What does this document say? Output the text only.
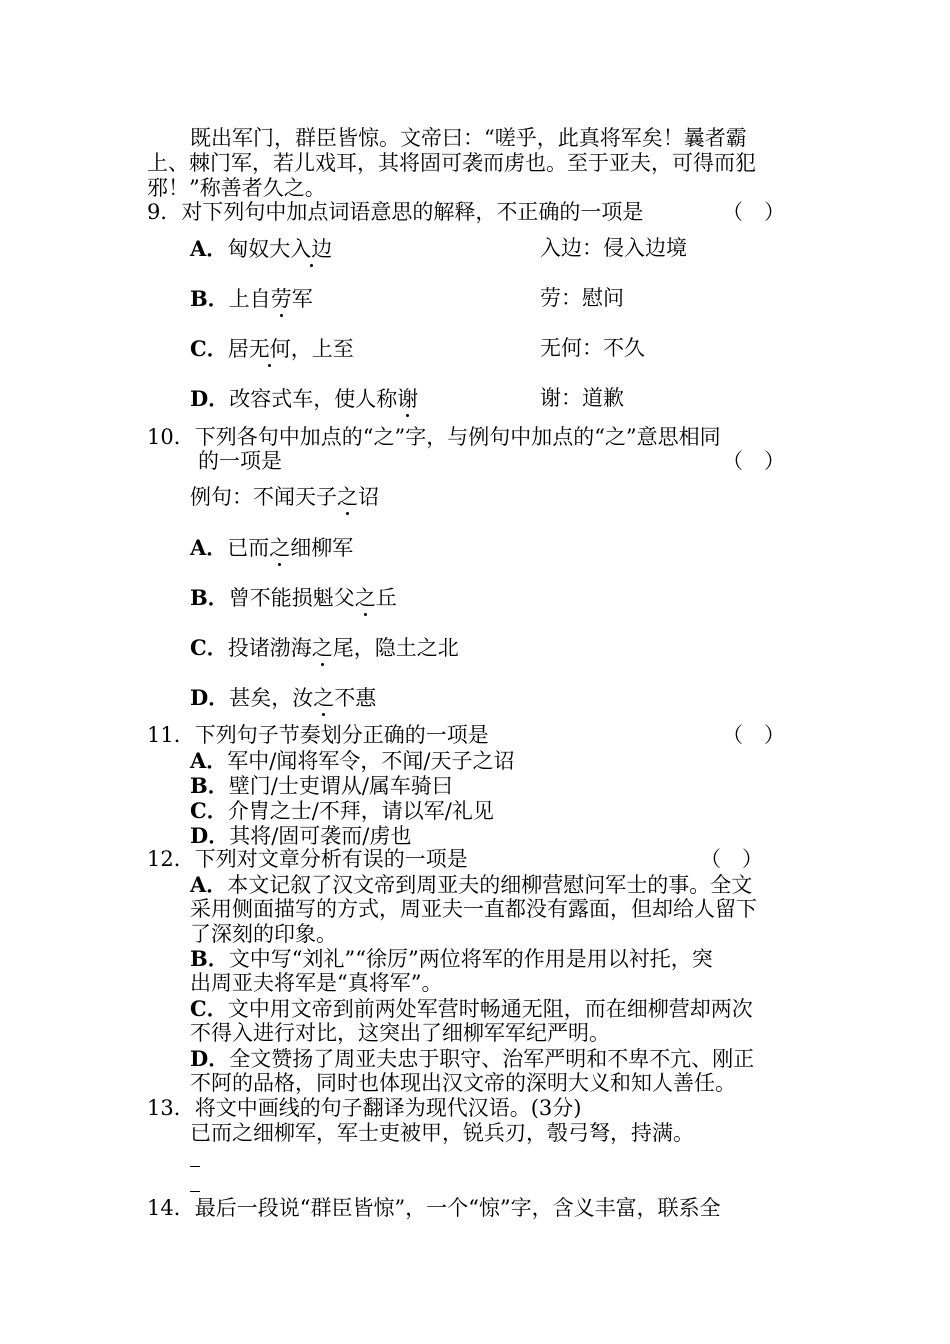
既出军门，群臣皆惊。文帝曰：“嗟乎，此真将军矣！曩者霸
上、棘门军，若儿戏耳，其将固可袭而虏也。至于亚夫，可得而犯
邪！”称善者久之。
9．对下列句中加点词语意思的解释，不正确的一项是	（　）
A．匈奴大入边	入边：侵入边境
B．上自劳军	劳：慰问
C．居无何，上至	无何：不久
D．改容式车，使人称谢	谢：道歉
10．下列各句中加点的“之”字，与例句中加点的“之”意思相同
的一项是	（　）
例句：不闻天子之诏
A．已而之细柳军
B．曾不能损魁父之丘
C．投诸渤海之尾，隐土之北
D．甚矣，汝之不惠
11．下列句子节奏划分正确的一项是	（　）
A．军中/闻将军令，不闻/天子之诏
B．壁门/士吏谓从/属车骑曰
C．介胄之士/不拜，请以军/礼见
D．其将/固可袭而/虏也
12．下列对文章分析有误的一项是	（　）
A．本文记叙了汉文帝到周亚夫的细柳营慰问军士的事。全文
采用侧面描写的方式，周亚夫一直都没有露面，但却给人留下
了深刻的印象。
B．文中写“刘礼”“徐厉”两位将军的作用是用以衬托，突
出周亚夫将军是“真将军”。
C．文中用文帝到前两处军营时畅通无阻，而在细柳营却两次
不得入进行对比，这突出了细柳军军纪严明。
D．全文赞扬了周亚夫忠于职守、治军严明和不卑不亢、刚正
不阿的品格，同时也体现出汉文帝的深明大义和知人善任。
13．将文中画线的句子翻译为现代汉语。(3分)
已而之细柳军，军士吏被甲，锐兵刃，彀弓弩，持满。
14．最后一段说“群臣皆惊”，一个“惊”字，含义丰富，联系全
